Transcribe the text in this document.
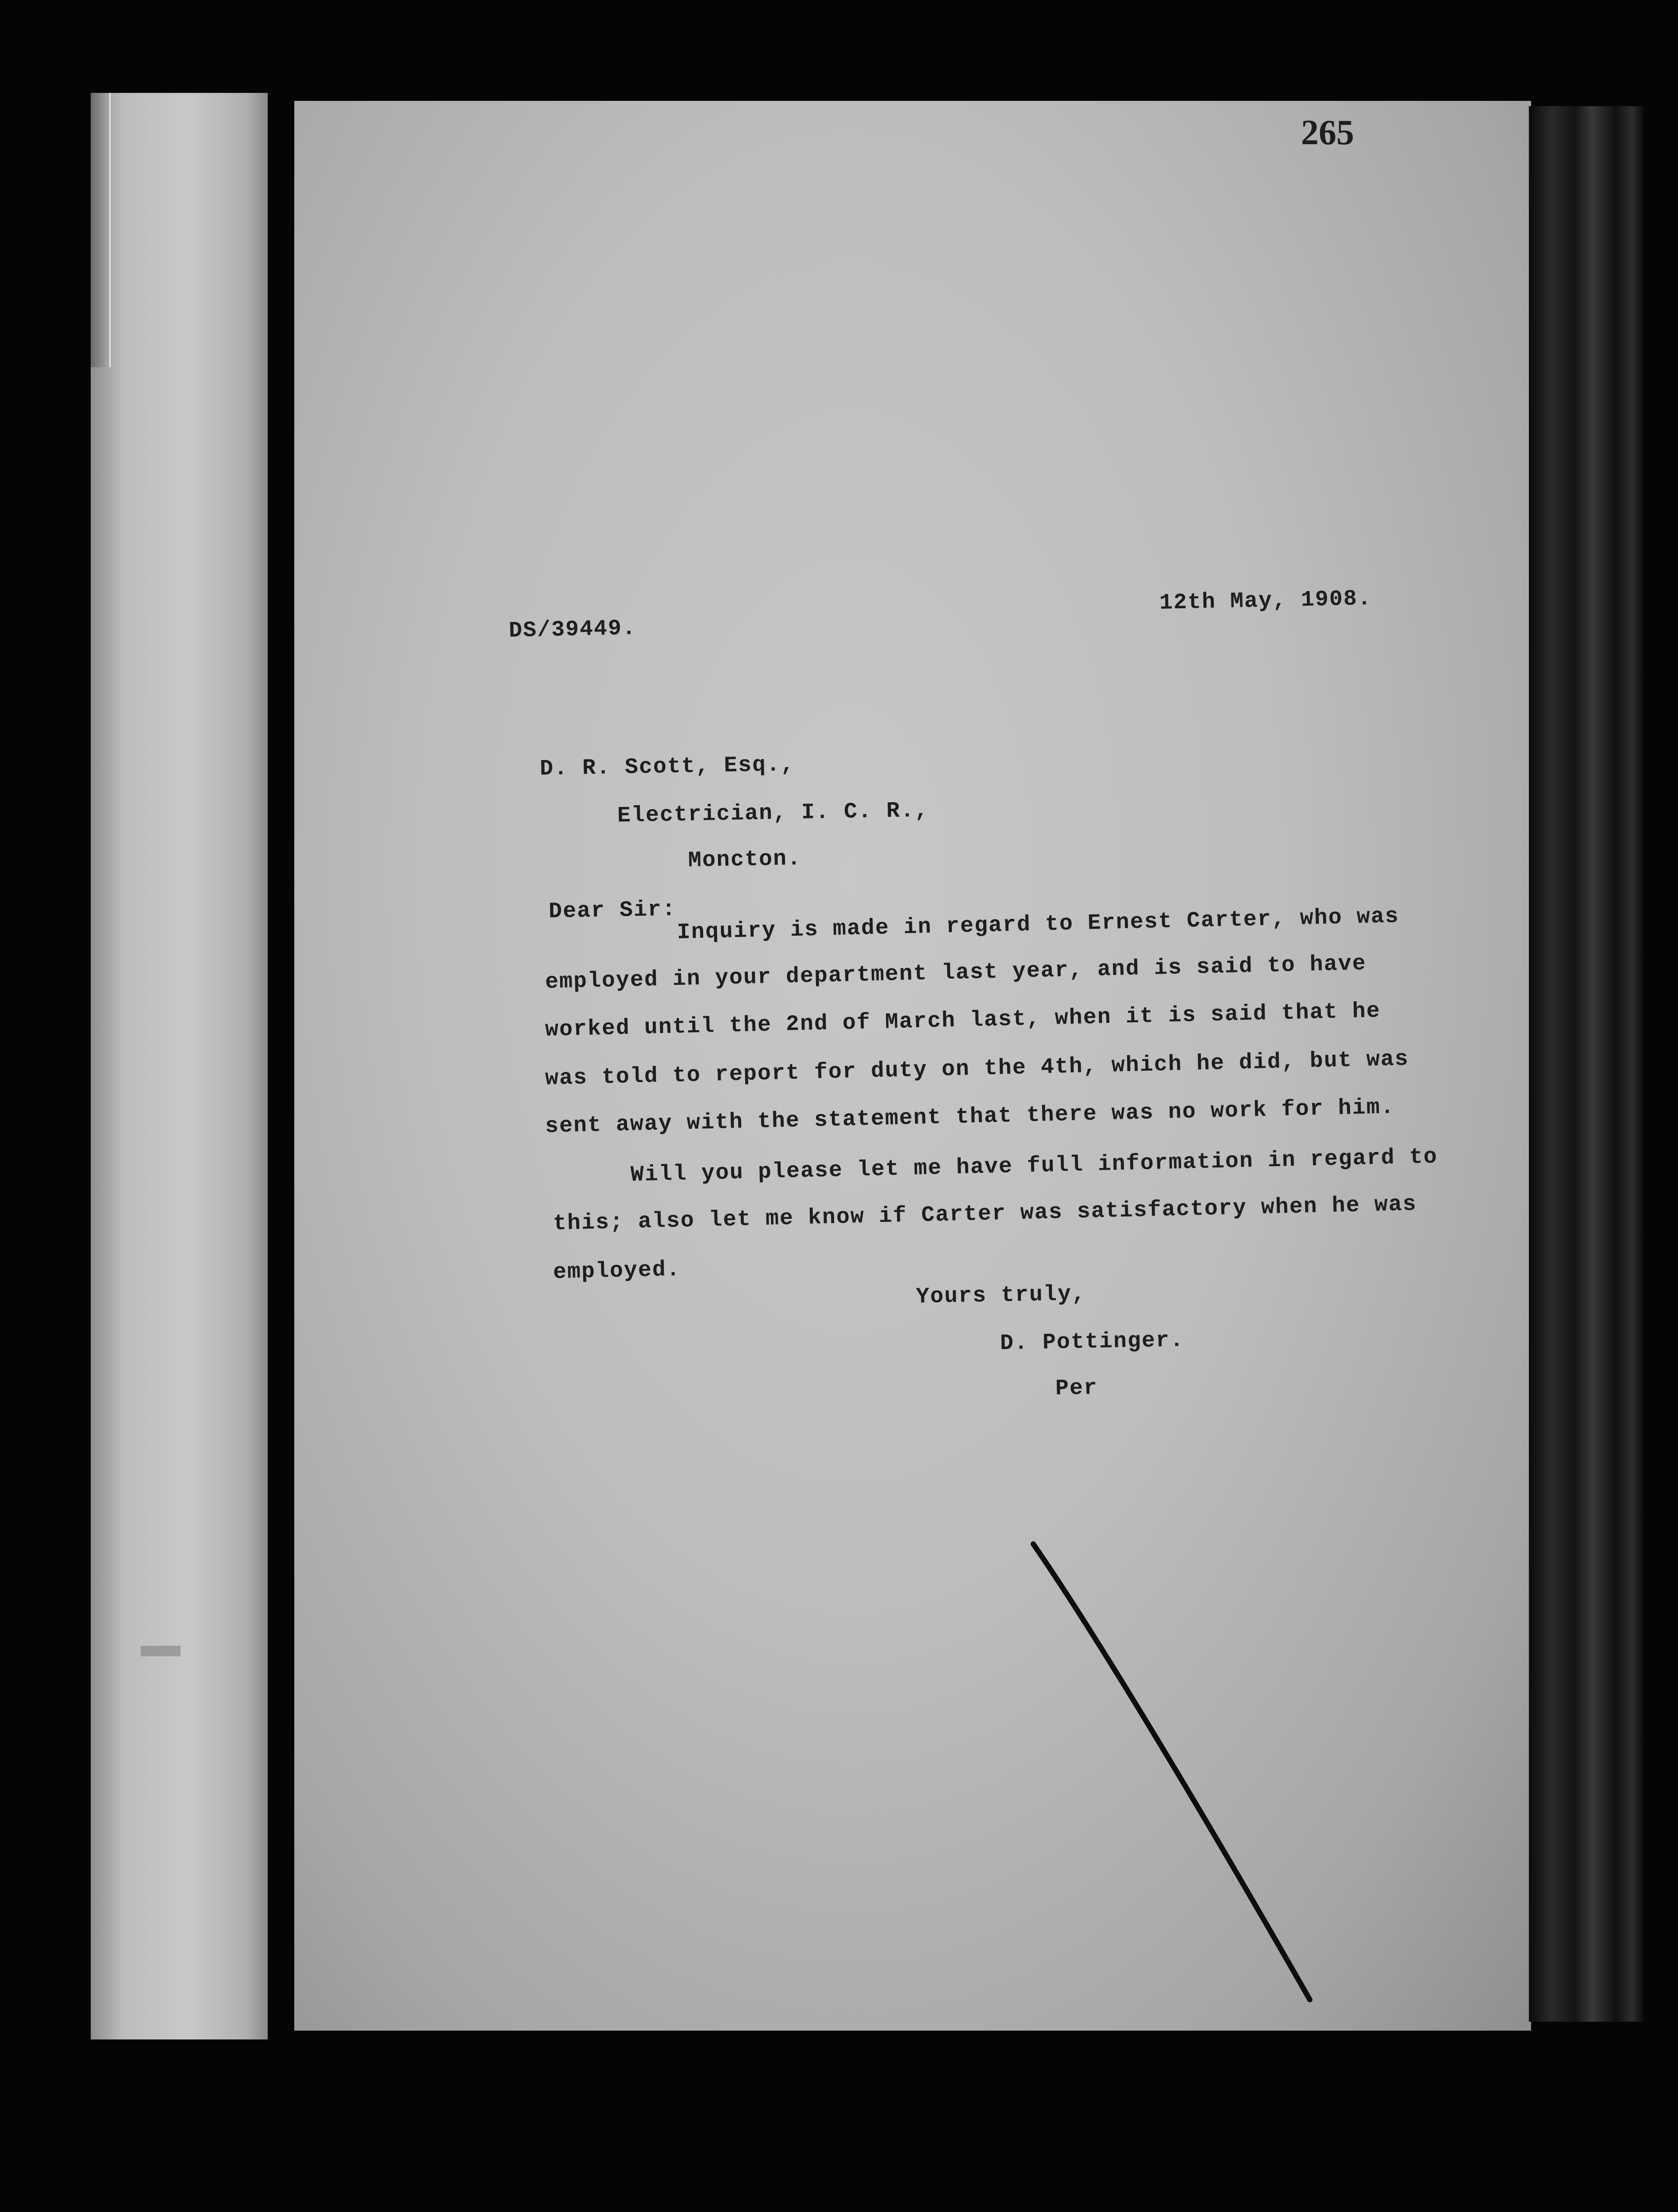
265
DS/39449.
12th May, 1908.
D. R. Scott, Esq.,
Electrician, I. C. R.,
Moncton.
Dear Sir: Inquiry is made in regard to Ernest Carter, who was
employed in your department last year, and is said to have
worked until the 2nd of March last, when it is said that he
was told to report for duty on the 4th, which he did, but was
sent away with the statement that there was no work for him.
Will you please let me have full information in regard to
this; also let me know if Carter was satisfactory when he was
employed.
Yours truly,
D. Pottinger.
Per
